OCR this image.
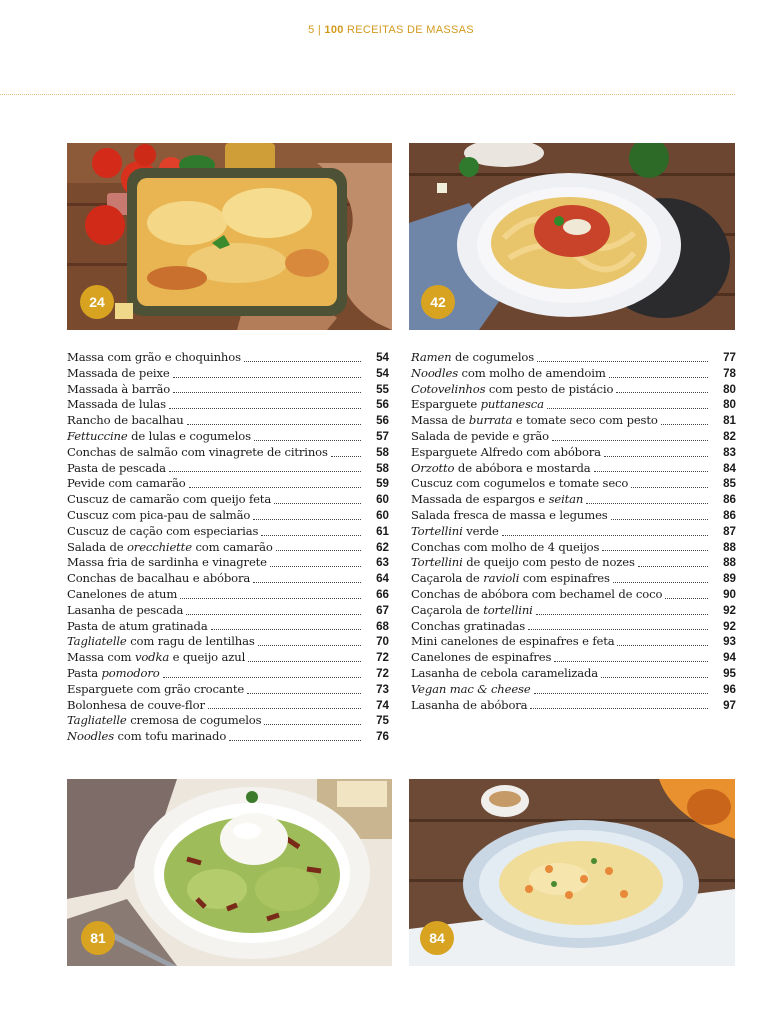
5 | 100 RECEITAS DE MASSAS
24	42
Massa com grão e choquinhos	54
Massada de peixe	54
Massada à barrão	55
Massada de lulas	56
Rancho de bacalhau	56
Fettuccine de lulas e cogumelos	57
Conchas de salmão com vinagrete de citrinos	58
Pasta de pescada	58
Pevide com camarão	59
Cuscuz de camarão com queijo feta	60
Cuscuz com pica-pau de salmão	60
Cuscuz de cação com especiarias	61
Salada de orecchiette com camarão	62
Massa fria de sardinha e vinagrete	63
Conchas de bacalhau e abóbora	64
Canelones de atum	66
Lasanha de pescada	67
Pasta de atum gratinada	68
Tagliatelle com ragu de lentilhas	70
Massa com vodka e queijo azul	72
Pasta pomodoro	72
Esparguete com grão crocante	73
Bolonhesa de couve-flor	74
Tagliatelle cremosa de cogumelos	75
Noodles com tofu marinado	76
Ramen de cogumelos	77
Noodles com molho de amendoim	78
Cotovelinhos com pesto de pistácio	80
Esparguete puttanesca	80
Massa de burrata e tomate seco com pesto	81
Salada de pevide e grão	82
Esparguete Alfredo com abóbora	83
Orzotto de abóbora e mostarda	84
Cuscuz com cogumelos e tomate seco	85
Massada de espargos e seitan	86
Salada fresca de massa e legumes	86
Tortellini verde	87
Conchas com molho de 4 queijos	88
Tortellini de queijo com pesto de nozes	88
Caçarola de ravioli com espinafres	89
Conchas de abóbora com bechamel de coco	90
Caçarola de tortellini	92
Conchas gratinadas	92
Mini canelones de espinafres e feta	93
Canelones de espinafres	94
Lasanha de cebola caramelizada	95
Vegan mac & cheese	96
Lasanha de abóbora	97
81	84
